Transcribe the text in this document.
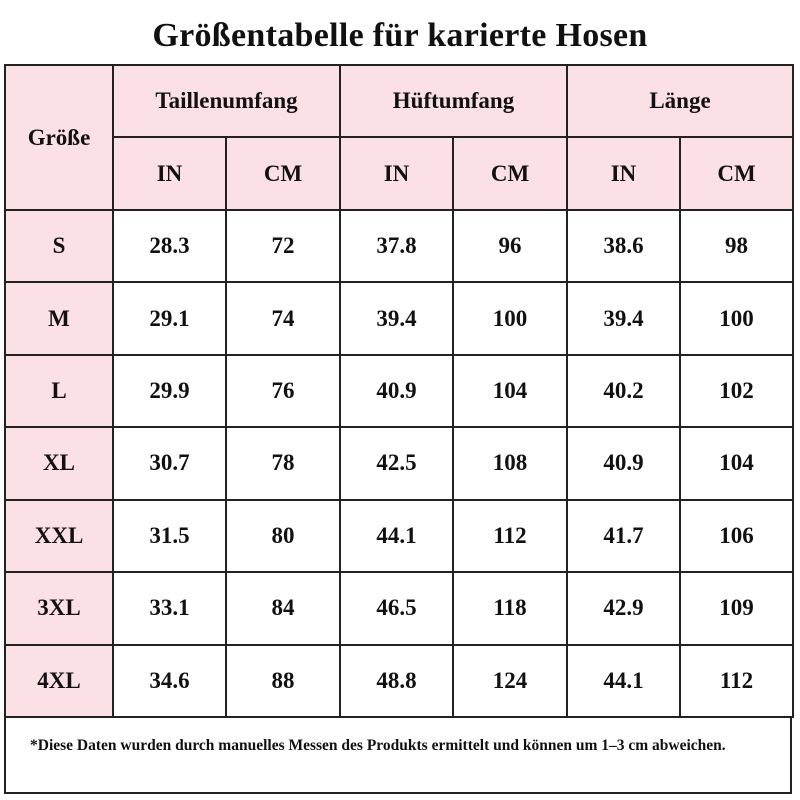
Größentabelle für karierte Hosen
Größe	Taillenumfang		Hüftumfang		Länge	
	IN	CM	IN	CM	IN	CM
S	28.3	72	37.8	96	38.6	98
M	29.1	74	39.4	100	39.4	100
L	29.9	76	40.9	104	40.2	102
XL	30.7	78	42.5	108	40.9	104
XXL	31.5	80	44.1	112	41.7	106
3XL	33.1	84	46.5	118	42.9	109
4XL	34.6	88	48.8	124	44.1	112
*Diese Daten wurden durch manuelles Messen des Produkts ermittelt und können um 1–3 cm abweichen.
